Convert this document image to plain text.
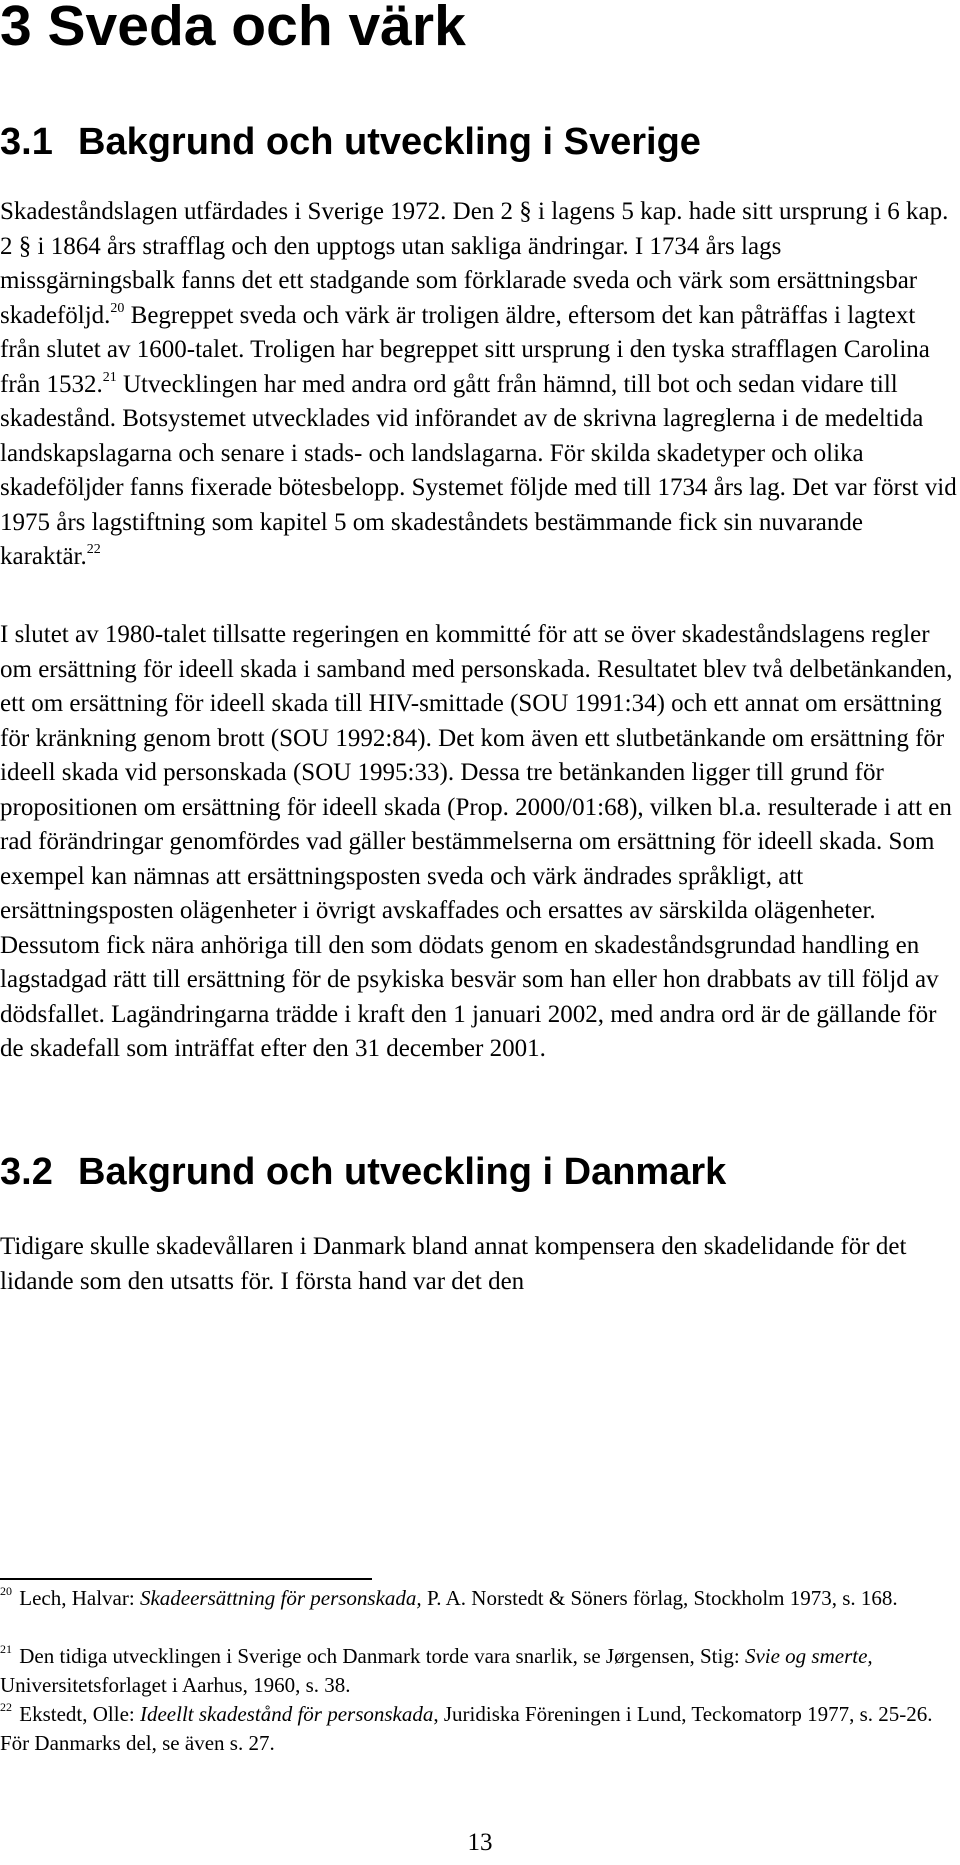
3 Sveda och värk
3.1 Bakgrund och utveckling i Sverige

Skadeståndslagen utfärdades i Sverige 1972. Den 2 § i lagens 5 kap. hade sitt ursprung i 6 kap. 2 § i 1864 års strafflag och den upptogs utan sakliga ändringar. I 1734 års lags missgärningsbalk fanns det ett stadgande som förklarade sveda och värk som ersättningsbar skadeföljd.$^{20}$ Begreppet sveda och värk är troligen äldre, eftersom det kan påträffas i lagtext från slutet av 1600-talet. Troligen har begreppet sitt ursprung i den tyska strafflagen Carolina från 1532.21 Utvecklingen har med andra ord gått från hämnd, till bot och sedan vidare till skadestånd. Botsystemet utvecklades vid införandet av de skrivna lagreglerna i de medeltida landskapslagarna och senare i stads- och landslagarna. För skilda skadetyper och olika skadeföljder fanns fixerade bötesbelopp. Systemet följde med till 1734 års lag. Det var först vid 1975 års lagstiftning som kapitel 5 om skadeståndets bestämmande fick sin nuvarande karaktär.$^{22}$

I slutet av 1980-talet tillsatte regeringen en kommitté för att se över skadeståndslagens regler om ersättning för ideell skada i samband med personskada. Resultatet blev två delbetänkanden, ett om ersättning för ideell skada till HIV-smittade (SOU 1991:34) och ett annat om ersättning för kränkning genom brott (SOU 1992:84). Det kom även ett slutbetänkande om ersättning för ideell skada vid personskada (SOU 1995:33). Dessa tre betänkanden ligger till grund för propositionen om ersättning för ideell skada (Prop. 2000/01:68), vilken bl.a. resulterade i att en rad förändringar genomfördes vad gäller bestämmelserna om ersättning för ideell skada. Som exempel kan nämnas att ersättningsposten sveda och värk ändrades språkligt, att ersättningsposten olägenheter i övrigt avskaffades och ersattes av särskilda olägenheter. Dessutom fick nära anhöriga till den som dödats genom en skadeståndsgrundad handling en lagstadgad rätt till ersättning för de psykiska besvär som han eller hon drabbats av till följd av dödsfallet. Lagändringarna trädde i kraft den 1 januari 2002, med andra ord är de gällande för de skadefall som inträffat efter den 31 december 2001.

3.2 Bakgrund och utveckling i Danmark

Tidigare skulle skadevållaren i Danmark bland annat kompensera den skadelidande för det lidande som den utsatts för. I första hand var det den

$^{20}$ Lech, Halvar: Skadeersättning för personskada, P. A. Norstedt & Söners förlag, Stockholm 1973, s. 168.

$^{21}$ Den tidiga utvecklingen i Sverige och Danmark torde vara snarlik, se Jørgensen, Stig: Svie og smerte, Universitetsforlaget i Aarhus, 1960, s. 38.

$^{22}$ Ekstedt, Olle: Ideellt skadestånd för personskada, Juridiska Föreningen i Lund, Teckomatorp 1977, s. 25-26. För Danmarks del, se även s. 27.

13
